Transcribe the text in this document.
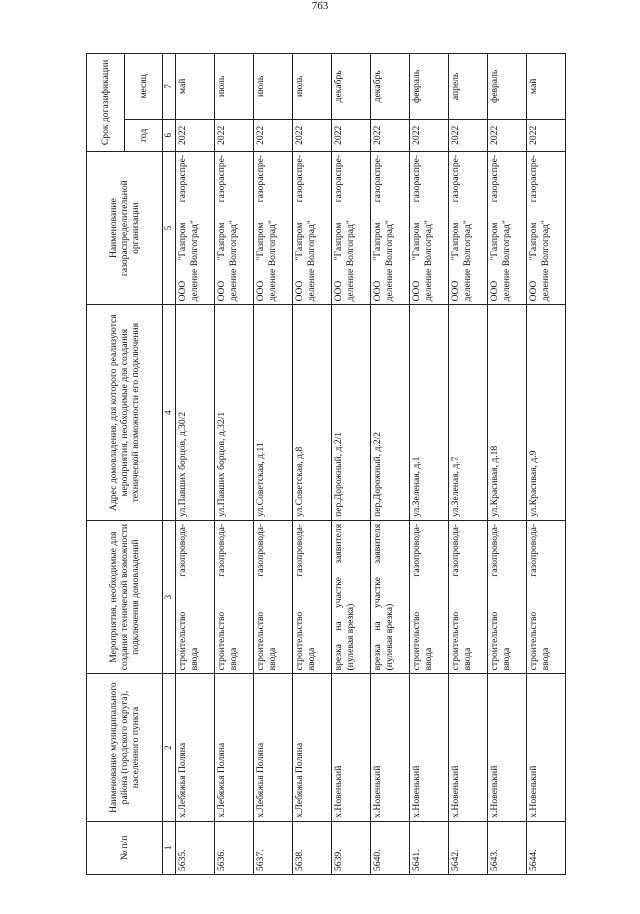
763
№ п/п	Наименование муниципального района (городского округа), населенного пункта	Мероприятия, необходимые для создания технической возможности подключения домовладений	Адрес домовладения, для которого реализуются мероприятия, необходимые для создания технической возможности его подключения	Наименование газораспределительной организации	Срок догазификации	
					год	месяц
1	2	3	4	5	6	7
5635.	х.Лебяжья Поляна	строительство газопровода- ввода	ул.Павших борцов, д.30/2	ООО "Газпром газораспре- деление Волгоград"	2022	май
5636.	х.Лебяжья Поляна	строительство газопровода- ввода	ул.Павших борцов, д.32/1	ООО "Газпром газораспре- деление Волгоград"	2022	июль
5637.	х.Лебяжья Поляна	строительство газопровода- ввода	ул.Советская, д.11	ООО "Газпром газораспре- деление Волгоград"	2022	июль
5638.	х.Лебяжья Поляна	строительство газопровода- ввода	ул.Советская, д.8	ООО "Газпром газораспре- деление Волгоград"	2022	июль
5639.	х.Новенький	врезка на участке заявителя (нулевая врезка)	пер.Дорожный, д.2/1	ООО "Газпром газораспре- деление Волгоград"	2022	декабрь
5640.	х.Новенький	врезка на участке заявителя (нулевая врезка)	пер.Дорожный, д.2/2	ООО "Газпром газораспре- деление Волгоград"	2022	декабрь
5641.	х.Новенький	строительство газопровода- ввода	ул.Зеленая, д.1	ООО "Газпром газораспре- деление Волгоград"	2022	февраль
5642.	х.Новенький	строительство газопровода- ввода	ул.Зеленая, д.7	ООО "Газпром газораспре- деление Волгоград"	2022	апрель
5643.	х.Новенький	строительство газопровода- ввода	ул.Красивая, д.18	ООО "Газпром газораспре- деление Волгоград"	2022	февраль
5644.	х.Новенький	строительство газопровода- ввода	ул.Красивая, д.9	ООО "Газпром газораспре- деление Волгоград"	2022	май
